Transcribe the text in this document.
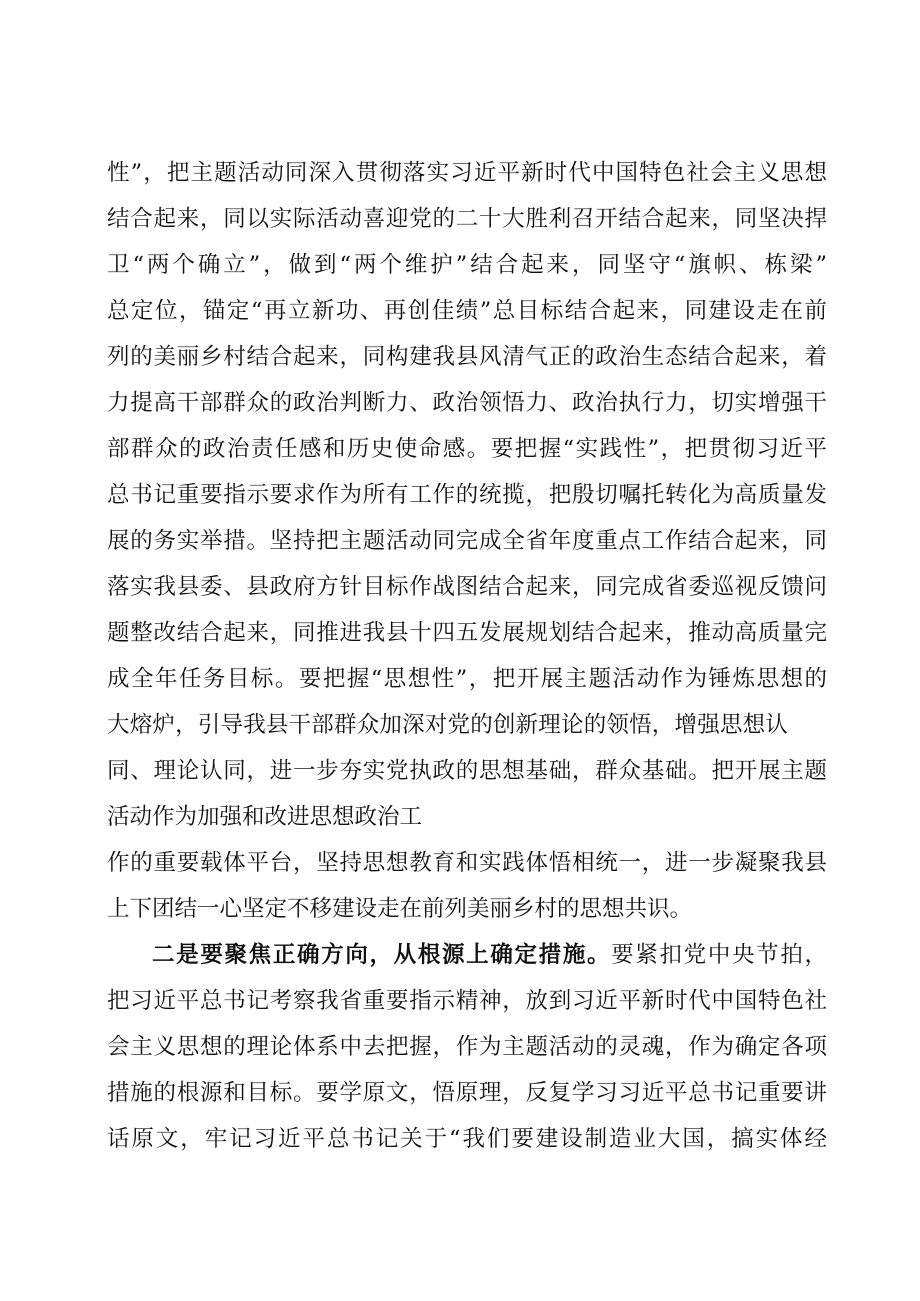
性”，把主题活动同深入贯彻落实习近平新时代中国特色社会主义思想
结合起来，同以实际活动喜迎党的二十大胜利召开结合起来，同坚决捍
卫“两个确立”，做到“两个维护”结合起来，同坚守“旗帜、栋梁”
总定位，锚定“再立新功、再创佳绩”总目标结合起来，同建设走在前
列的美丽乡村结合起来，同构建我县风清气正的政治生态结合起来，着
力提高干部群众的政治判断力、政治领悟力、政治执行力，切实增强干
部群众的政治责任感和历史使命感。要把握“实践性”，把贯彻习近平
总书记重要指示要求作为所有工作的统揽，把殷切嘱托转化为高质量发
展的务实举措。坚持把主题活动同完成全省年度重点工作结合起来，同
落实我县委、县政府方针目标作战图结合起来，同完成省委巡视反馈问
题整改结合起来，同推进我县十四五发展规划结合起来，推动高质量完
成全年任务目标。要把握“思想性”，把开展主题活动作为锤炼思想的
大熔炉，引导我县干部群众加深对党的创新理论的领悟，增强思想认
同、理论认同，进一步夯实党执政的思想基础，群众基础。把开展主题
活动作为加强和改进思想政治工
作的重要载体平台，坚持思想教育和实践体悟相统一，进一步凝聚我县
上下团结一心坚定不移建设走在前列美丽乡村的思想共识。
二是要聚焦正确方向，从根源上确定措施。要紧扣党中央节拍，
把习近平总书记考察我省重要指示精神，放到习近平新时代中国特色社
会主义思想的理论体系中去把握，作为主题活动的灵魂，作为确定各项
措施的根源和目标。要学原文，悟原理，反复学习习近平总书记重要讲
话原文，牢记习近平总书记关于“我们要建设制造业大国，搞实体经
